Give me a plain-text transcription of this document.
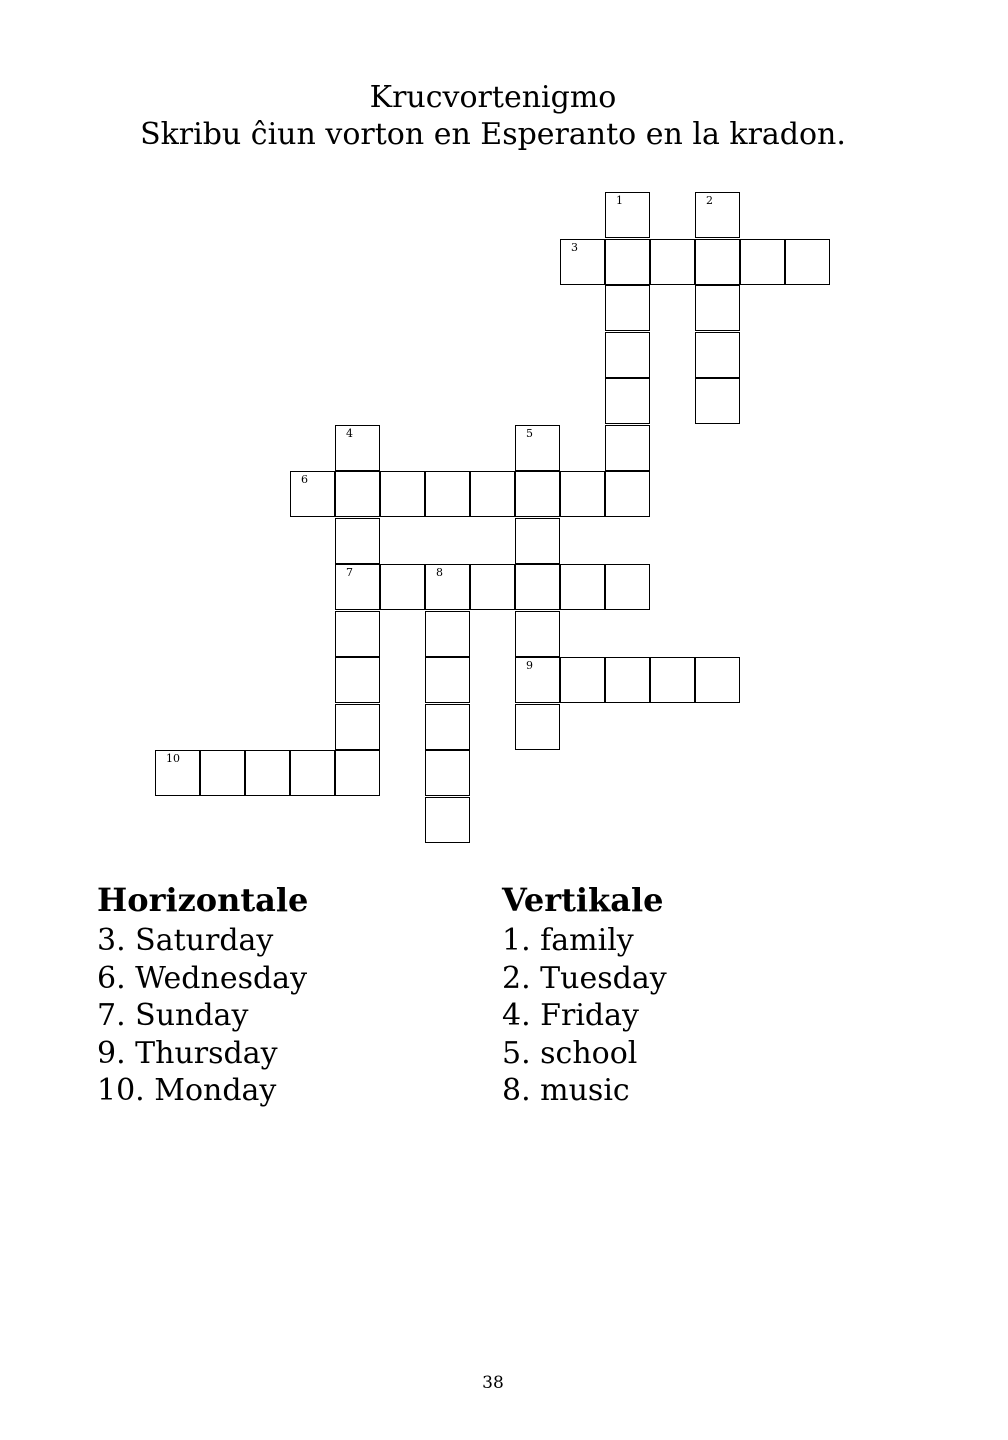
Krucvortenigmo
Skribu ĉiun vorton en Esperanto en la kradon.
1	2
3
4
7
5
9
6
8
10
Horizontale
3. Saturday
6. Wednesday
7. Sunday
9. Thursday
10. Monday
Vertikale
1. family
2. Tuesday
4. Friday
5. school
8. music
38
